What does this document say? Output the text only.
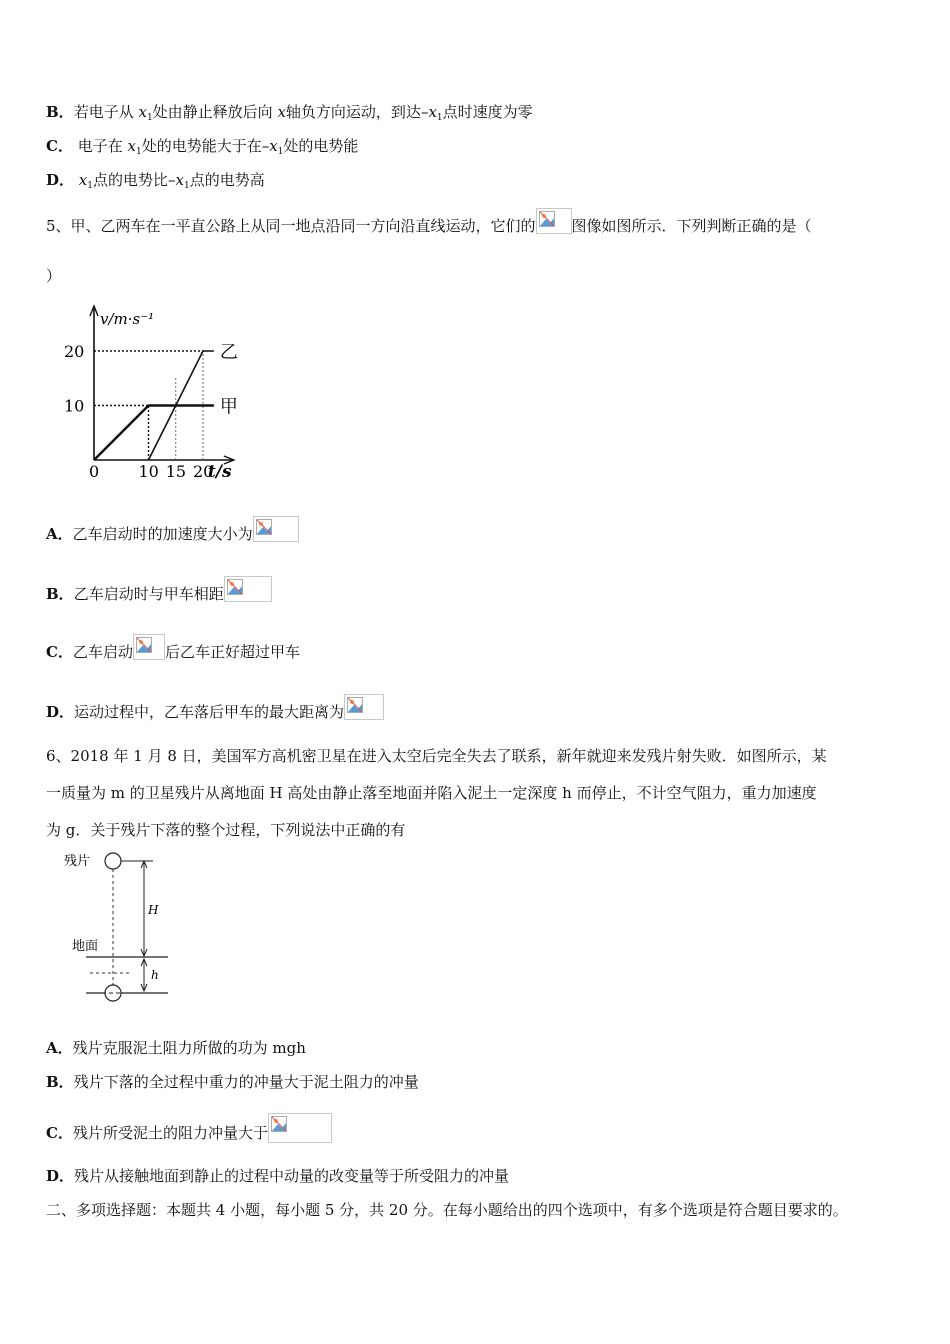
B．若电子从 $x_1$处由静止释放后向 x轴负方向运动，到达$-x_1$点时速度为零
C． 电子在 $x_1$处的电势能大于在$-x_1$处的电势能
D． $x_1$点的电势比$-x_1$点的电势高
5、甲、乙两车在一平直公路上从同一地点沿同一方向沿直线运动，它们的 图像如图所示．下列判断正确的是（
）
v/m·s⁻¹
t/s
10
20
0 10 15 20
甲
乙
A．乙车启动时的加速度大小为
B．乙车启动时与甲车相距
C．乙车启动 后乙车正好超过甲车
D．运动过程中，乙车落后甲车的最大距离为
6、2018 年 1 月 8 日，美国军方高机密卫星在进入太空后完全失去了联系，新年就迎来发残片射失败．如图所示，某
一质量为 m 的卫星残片从离地面 H 高处由静止落至地面并陷入泥土一定深度 h 而停止，不计空气阻力，重力加速度
为 g．关于残片下落的整个过程，下列说法中正确的有
残片
H
地面
h
A．残片克服泥土阻力所做的功为 mgh
B．残片下落的全过程中重力的冲量大于泥土阻力的冲量
C．残片所受泥土的阻力冲量大于
D．残片从接触地面到静止的过程中动量的改变量等于所受阻力的冲量
二、多项选择题：本题共 4 小题，每小题 5 分，共 20 分。在每小题给出的四个选项中，有多个选项是符合题目要求的。
